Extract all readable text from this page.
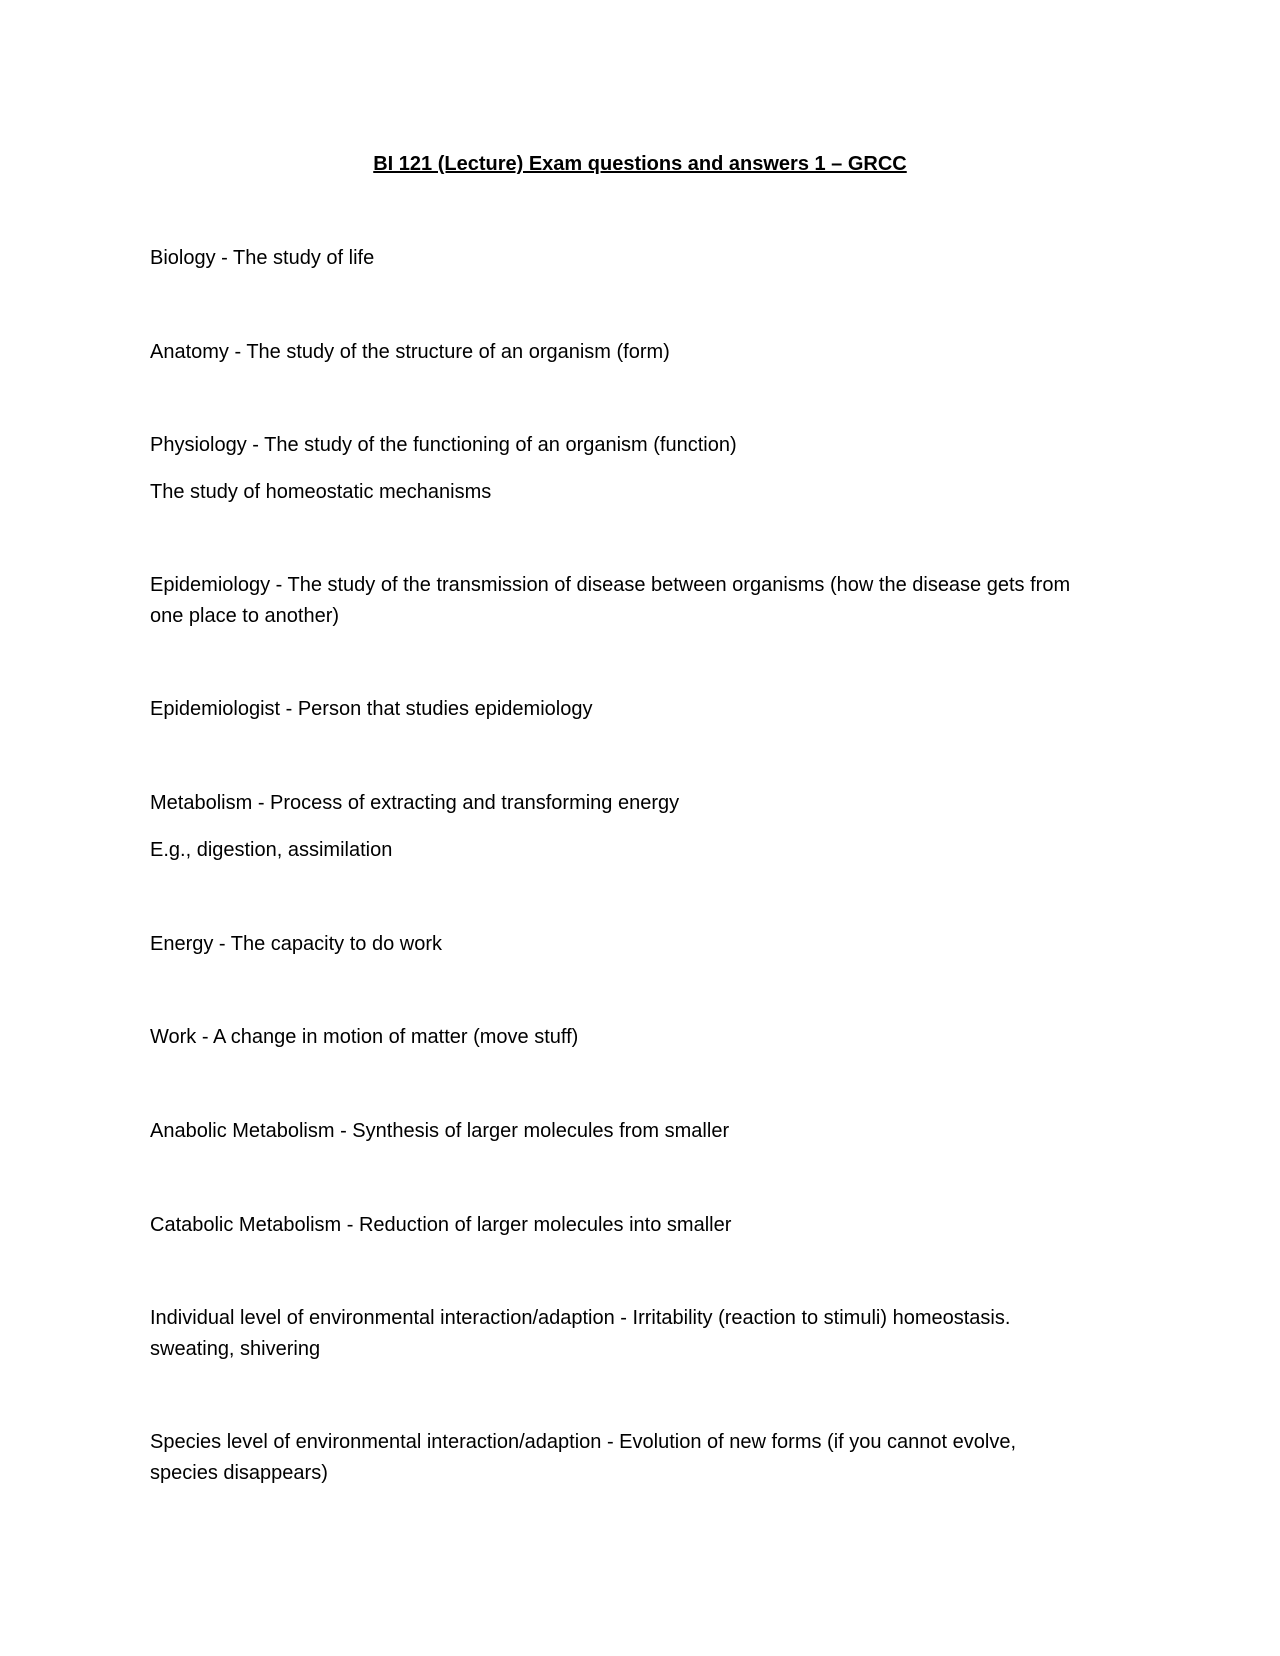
BI 121 (Lecture) Exam questions and answers 1 – GRCC
Biology - The study of life
Anatomy - The study of the structure of an organism (form)
Physiology - The study of the functioning of an organism (function)
The study of homeostatic mechanisms
Epidemiology - The study of the transmission of disease between organisms (how the disease gets from
one place to another)
Epidemiologist - Person that studies epidemiology
Metabolism - Process of extracting and transforming energy
E.g., digestion, assimilation
Energy - The capacity to do work
Work - A change in motion of matter (move stuff)
Anabolic Metabolism - Synthesis of larger molecules from smaller
Catabolic Metabolism - Reduction of larger molecules into smaller
Individual level of environmental interaction/adaption - Irritability (reaction to stimuli) homeostasis.
sweating, shivering
Species level of environmental interaction/adaption - Evolution of new forms (if you cannot evolve,
species disappears)
